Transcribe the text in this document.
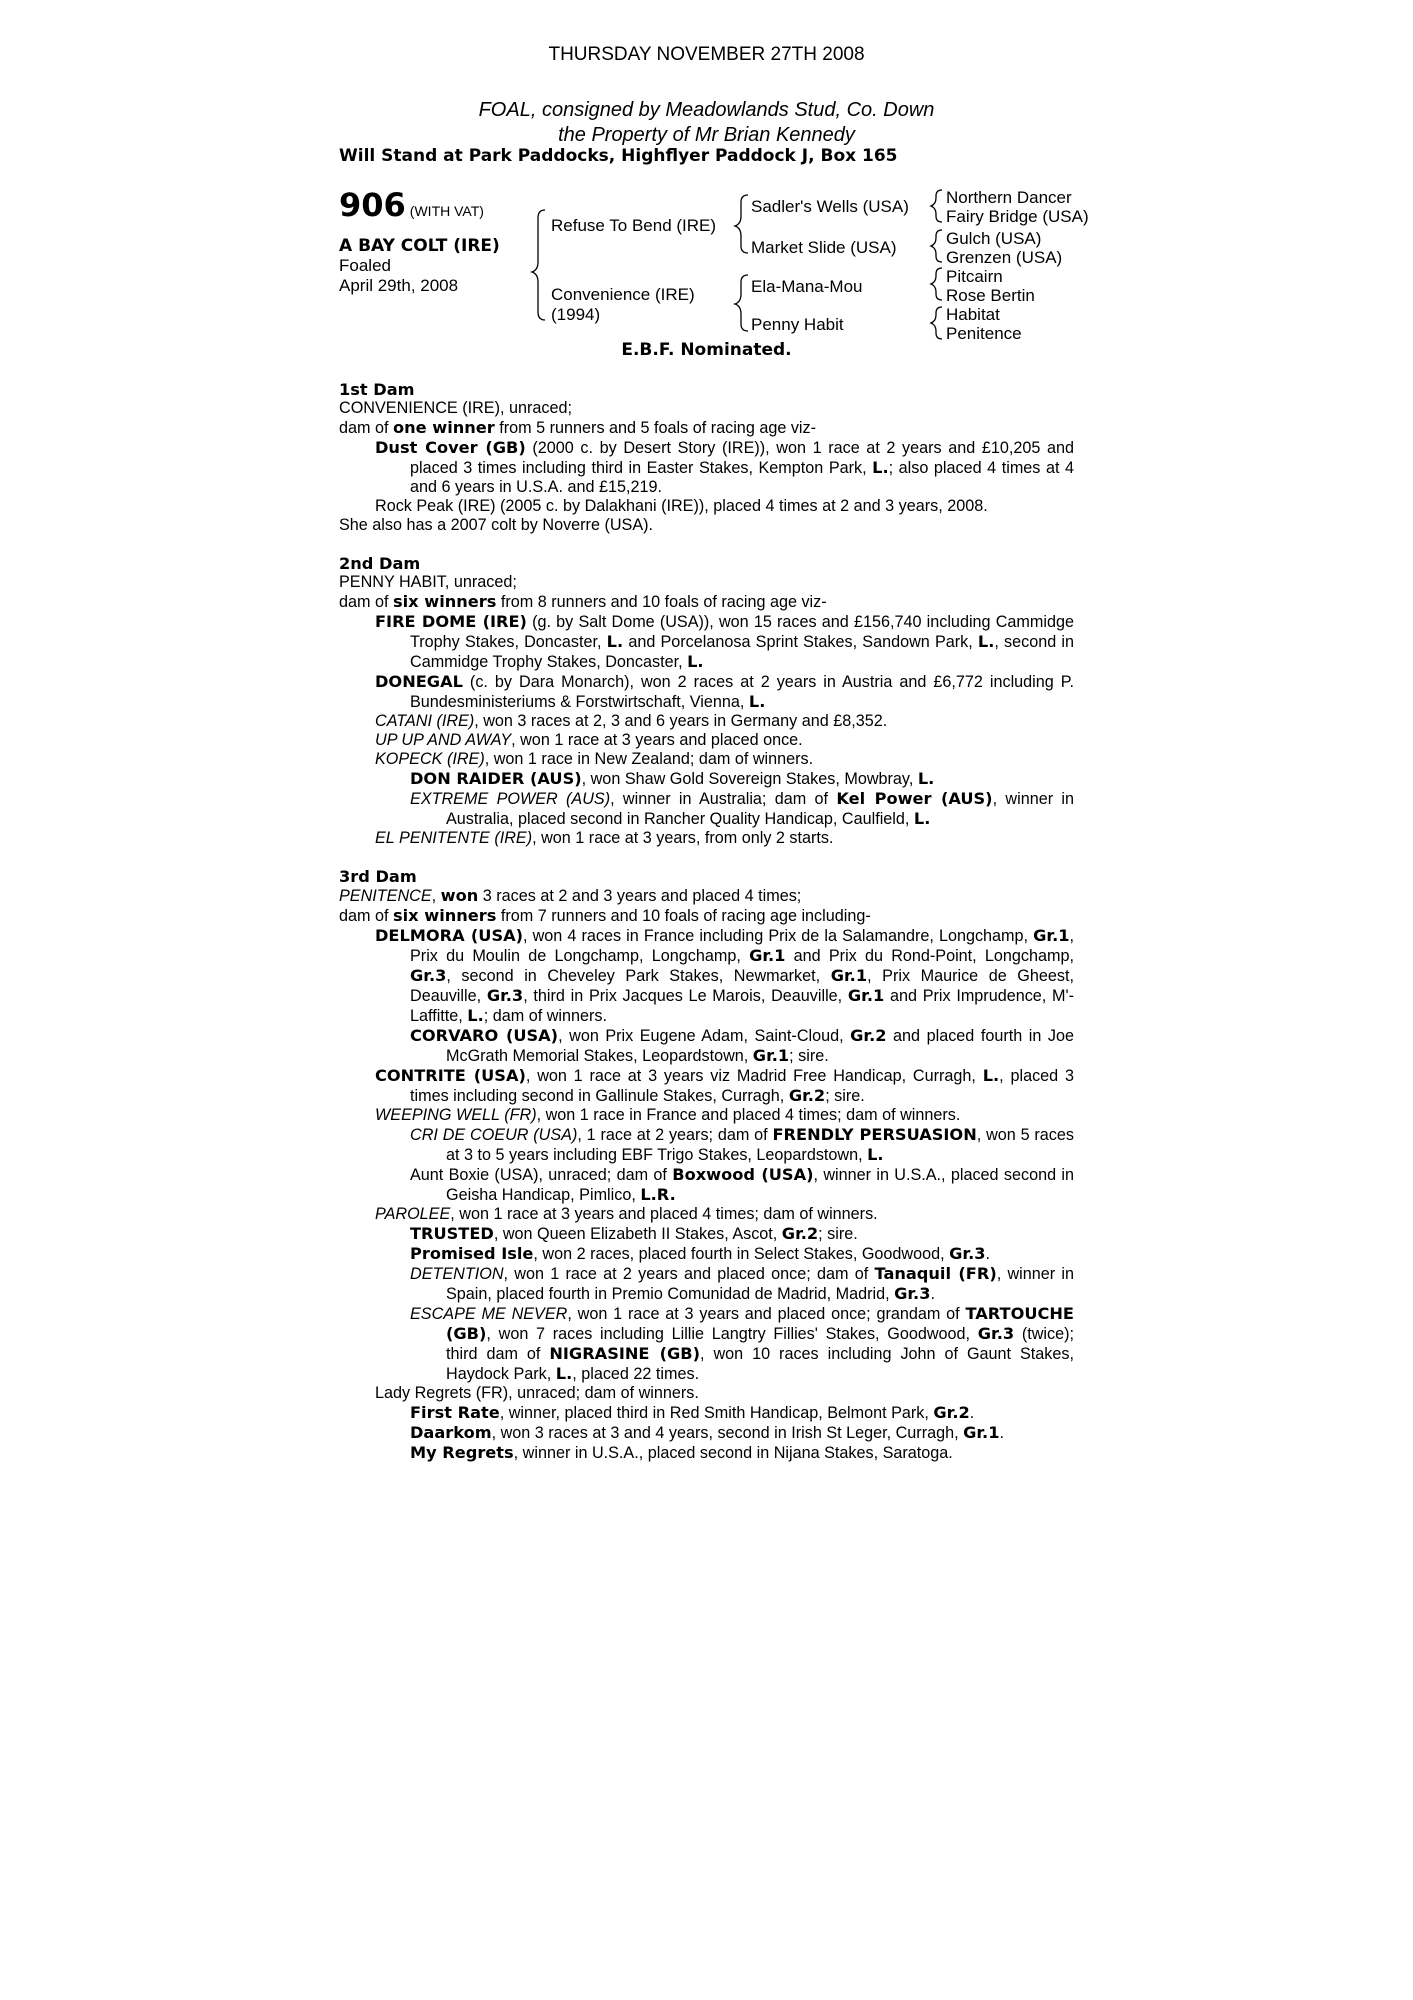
THURSDAY NOVEMBER 27TH 2008
FOAL, consigned by Meadowlands Stud, Co. Down
the Property of Mr Brian Kennedy
Will Stand at Park Paddocks, Highflyer Paddock J, Box 165
906 (WITH VAT)
A BAY COLT (IRE)
Foaled
April 29th, 2008
Refuse To Bend (IRE)
Convenience (IRE)
(1994)
Sadler's Wells (USA)
Market Slide (USA)
Ela-Mana-Mou
Penny Habit
Northern Dancer
Fairy Bridge (USA)
Gulch (USA)
Grenzen (USA)
Pitcairn
Rose Bertin
Habitat
Penitence
E.B.F. Nominated.

1st Dam

CONVENIENCE (IRE), unraced;

dam of one winner from 5 runners and 5 foals of racing age viz-

Dust Cover (GB) (2000 c. by Desert Story (IRE)), won 1 race at 2 years and £10,205 and placed 3 times including third in Easter Stakes, Kempton Park, L.; also placed 4 times at 4 and 6 years in U.S.A. and £15,219.

Rock Peak (IRE) (2005 c. by Dalakhani (IRE)), placed 4 times at 2 and 3 years, 2008.

She also has a 2007 colt by Noverre (USA).

2nd Dam

PENNY HABIT, unraced;

dam of six winners from 8 runners and 10 foals of racing age viz-

FIRE DOME (IRE) (g. by Salt Dome (USA)), won 15 races and £156,740 including Cammidge Trophy Stakes, Doncaster, L. and Porcelanosa Sprint Stakes, Sandown Park, L., second in Cammidge Trophy Stakes, Doncaster, L.

DONEGAL (c. by Dara Monarch), won 2 races at 2 years in Austria and £6,772 including P. Bundesministeriums & Forstwirtschaft, Vienna, L.

CATANI (IRE), won 3 races at 2, 3 and 6 years in Germany and £8,352.

UP UP AND AWAY, won 1 race at 3 years and placed once.

KOPECK (IRE), won 1 race in New Zealand; dam of winners.

DON RAIDER (AUS), won Shaw Gold Sovereign Stakes, Mowbray, L.

EXTREME POWER (AUS), winner in Australia; dam of Kel Power (AUS), winner in Australia, placed second in Rancher Quality Handicap, Caulfield, L.

EL PENITENTE (IRE), won 1 race at 3 years, from only 2 starts.

3rd Dam

PENITENCE, won 3 races at 2 and 3 years and placed 4 times;

dam of six winners from 7 runners and 10 foals of racing age including-

DELMORA (USA), won 4 races in France including Prix de la Salamandre, Longchamp, Gr.1, Prix du Moulin de Longchamp, Longchamp, Gr.1 and Prix du Rond-Point, Longchamp, Gr.3, second in Cheveley Park Stakes, Newmarket, Gr.1, Prix Maurice de Gheest, Deauville, Gr.3, third in Prix Jacques Le Marois, Deauville, Gr.1 and Prix Imprudence, M'-Laffitte, L.; dam of winners.

CORVARO (USA), won Prix Eugene Adam, Saint-Cloud, Gr.2 and placed fourth in Joe McGrath Memorial Stakes, Leopardstown, Gr.1; sire.

CONTRITE (USA), won 1 race at 3 years viz Madrid Free Handicap, Curragh, L., placed 3 times including second in Gallinule Stakes, Curragh, Gr.2; sire.

WEEPING WELL (FR), won 1 race in France and placed 4 times; dam of winners.

CRI DE COEUR (USA), 1 race at 2 years; dam of FRENDLY PERSUASION, won 5 races at 3 to 5 years including EBF Trigo Stakes, Leopardstown, L.

Aunt Boxie (USA), unraced; dam of Boxwood (USA), winner in U.S.A., placed second in Geisha Handicap, Pimlico, L.R.

PAROLEE, won 1 race at 3 years and placed 4 times; dam of winners.

TRUSTED, won Queen Elizabeth II Stakes, Ascot, Gr.2; sire.

Promised Isle, won 2 races, placed fourth in Select Stakes, Goodwood, Gr.3.

DETENTION, won 1 race at 2 years and placed once; dam of Tanaquil (FR), winner in Spain, placed fourth in Premio Comunidad de Madrid, Madrid, Gr.3.

ESCAPE ME NEVER, won 1 race at 3 years and placed once; grandam of TARTOUCHE (GB), won 7 races including Lillie Langtry Fillies' Stakes, Goodwood, Gr.3 (twice); third dam of NIGRASINE (GB), won 10 races including John of Gaunt Stakes, Haydock Park, L., placed 22 times.

Lady Regrets (FR), unraced; dam of winners.

First Rate, winner, placed third in Red Smith Handicap, Belmont Park, Gr.2.

Daarkom, won 3 races at 3 and 4 years, second in Irish St Leger, Curragh, Gr.1.

My Regrets, winner in U.S.A., placed second in Nijana Stakes, Saratoga.
